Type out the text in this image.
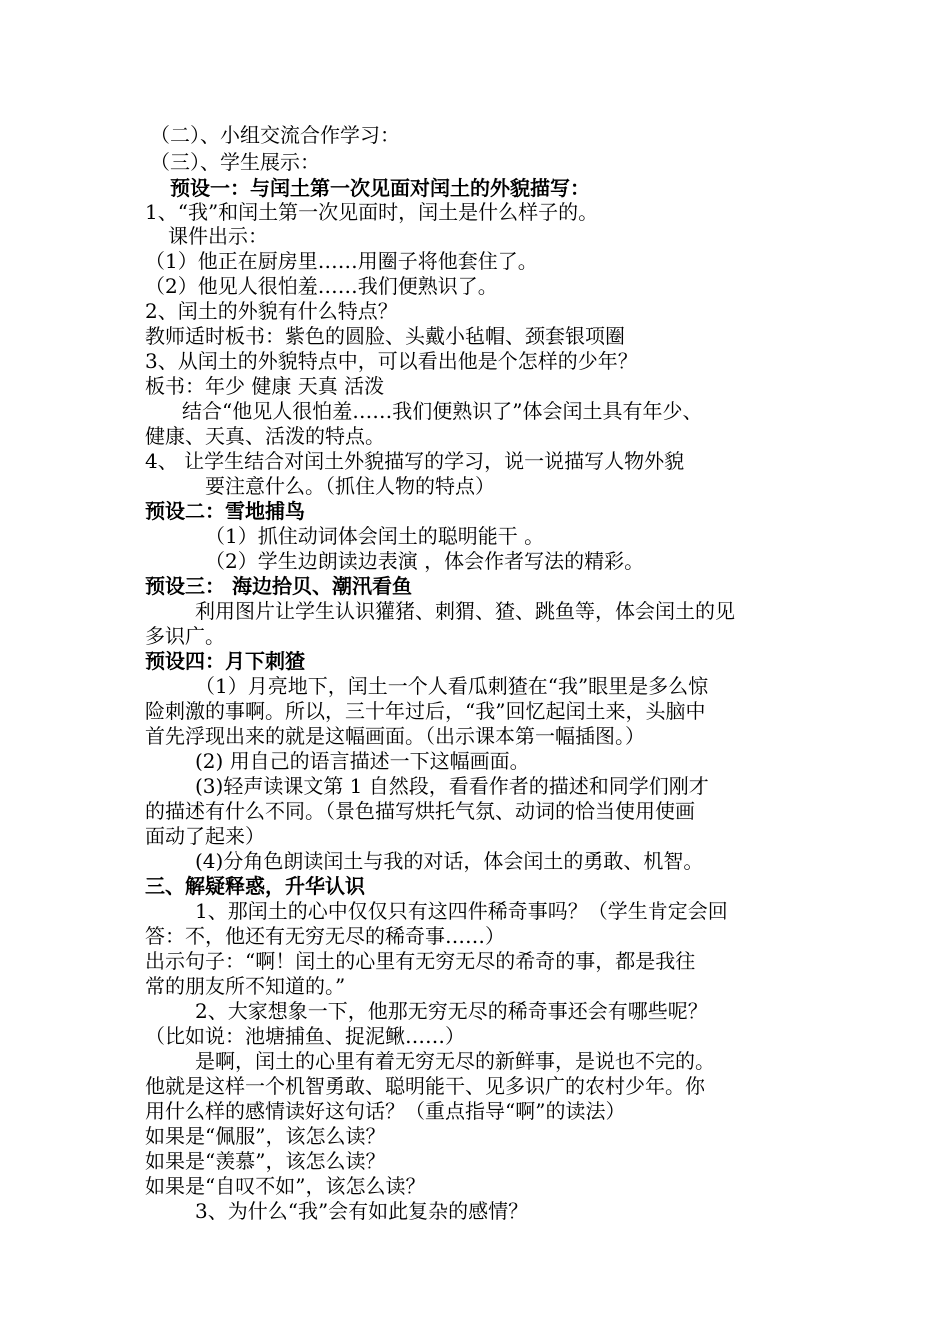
（二）、小组交流合作学习：
（三）、学生展示：
预设一：与闰土第一次见面对闰土的外貌描写：
1、“我”和闰土第一次见面时，闰土是什么样子的。
课件出示：
（1）他正在厨房里……用圈子将他套住了。
（2）他见人很怕羞……我们便熟识了。
2、闰土的外貌有什么特点？
教师适时板书：紫色的圆脸、头戴小毡帽、颈套银项圈
3、从闰土的外貌特点中，可以看出他是个怎样的少年？
板书：年少 健康 天真 活泼
结合“他见人很怕羞……我们便熟识了”体会闰土具有年少、
健康、天真、活泼的特点。
4、 让学生结合对闰土外貌描写的学习，说一说描写人物外貌
要注意什么。（抓住人物的特点）
预设二：雪地捕鸟
（1）抓住动词体会闰土的聪明能干 。
（2）学生边朗读边表演 ，体会作者写法的精彩。
预设三： 海边拾贝、潮汛看鱼
利用图片让学生认识獾猪、刺猬、猹、跳鱼等，体会闰土的见
多识广。
预设四：月下刺猹
（1）月亮地下，闰土一个人看瓜刺猹在“我”眼里是多么惊
险刺激的事啊。所以，三十年过后，“我”回忆起闰土来，头脑中
首先浮现出来的就是这幅画面。（出示课本第一幅插图。）
(2) 用自己的语言描述一下这幅画面。
(3)轻声读课文第 1 自然段，看看作者的描述和同学们刚才
的描述有什么不同。（景色描写烘托气氛、动词的恰当使用使画
面动了起来）
(4)分角色朗读闰土与我的对话，体会闰土的勇敢、机智。
三、解疑释惑，升华认识
1、那闰土的心中仅仅只有这四件稀奇事吗？（学生肯定会回
答：不，他还有无穷无尽的稀奇事……）
出示句子：“啊！闰土的心里有无穷无尽的希奇的事，都是我往
常的朋友所不知道的。”
2、大家想象一下，他那无穷无尽的稀奇事还会有哪些呢？
（比如说：池塘捕鱼、捉泥鳅……）
是啊，闰土的心里有着无穷无尽的新鲜事，是说也不完的。
他就是这样一个机智勇敢、聪明能干、见多识广的农村少年。你
用什么样的感情读好这句话？（重点指导“啊”的读法）
如果是“佩服”，该怎么读？
如果是“羡慕”，该怎么读？
如果是“自叹不如”，该怎么读？
3、为什么“我”会有如此复杂的感情？
